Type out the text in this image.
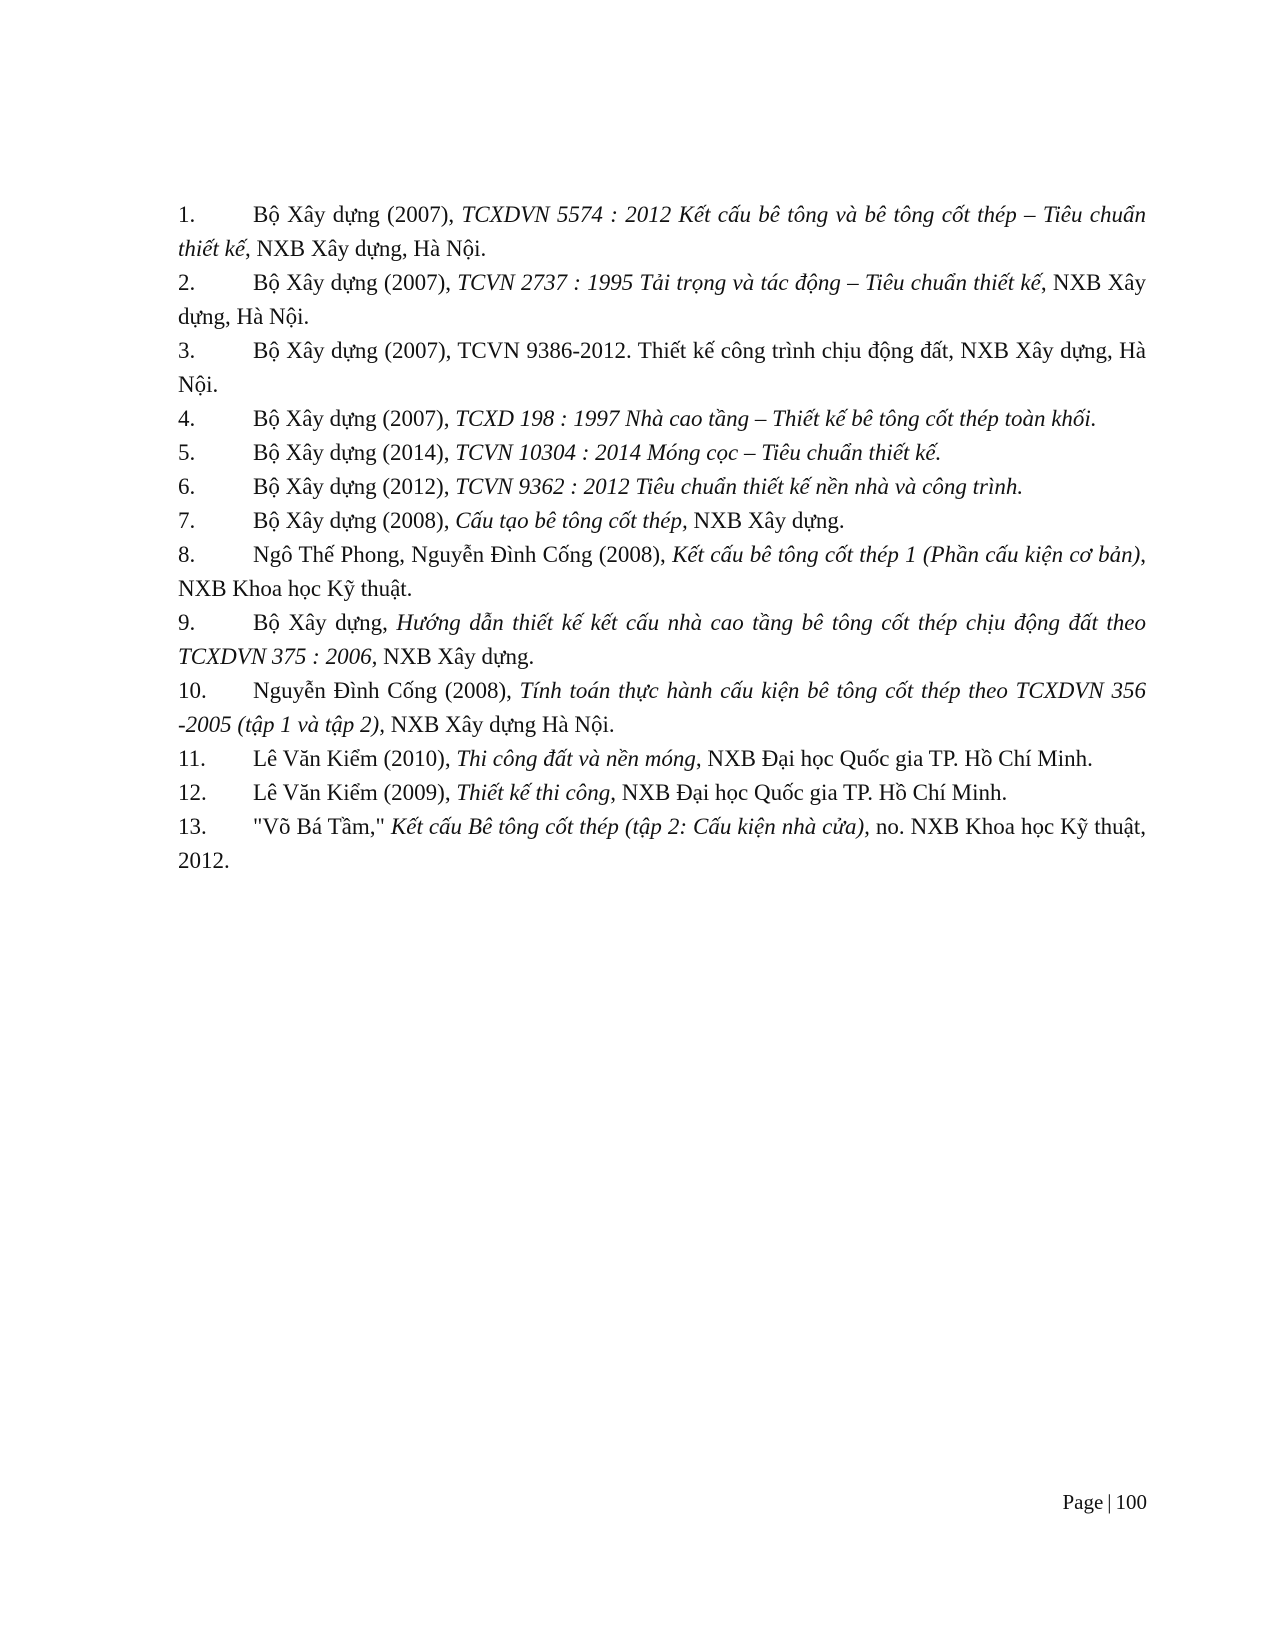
1.	Bộ Xây dựng (2007), TCXDVN 5574 : 2012 Kết cấu bê tông và bê tông cốt thép – Tiêu chuẩn thiết kế, NXB Xây dựng, Hà Nội.
2.	Bộ Xây dựng (2007), TCVN 2737 : 1995 Tải trọng và tác động – Tiêu chuẩn thiết kế, NXB Xây dựng, Hà Nội.
3.	Bộ Xây dựng (2007), TCVN 9386-2012. Thiết kế công trình chịu động đất, NXB Xây dựng, Hà Nội.
4.	Bộ Xây dựng (2007), TCXD 198 : 1997 Nhà cao tầng – Thiết kế bê tông cốt thép toàn khối.
5.	Bộ Xây dựng (2014), TCVN 10304 : 2014 Móng cọc – Tiêu chuẩn thiết kế.
6.	Bộ Xây dựng (2012), TCVN 9362 : 2012 Tiêu chuẩn thiết kế nền nhà và công trình.
7.	Bộ Xây dựng (2008), Cấu tạo bê tông cốt thép, NXB Xây dựng.
8.	Ngô Thế Phong, Nguyễn Đình Cống (2008), Kết cấu bê tông cốt thép 1 (Phần cấu kiện cơ bản), NXB Khoa học Kỹ thuật.
9.	Bộ Xây dựng, Hướng dẫn thiết kế kết cấu nhà cao tầng bê tông cốt thép chịu động đất theo TCXDVN 375 : 2006, NXB Xây dựng.
10. Nguyễn Đình Cống (2008), Tính toán thực hành cấu kiện bê tông cốt thép theo TCXDVN 356 -2005 (tập 1 và tập 2), NXB Xây dựng Hà Nội.
11. Lê Văn Kiểm (2010), Thi công đất và nền móng, NXB Đại học Quốc gia TP. Hồ Chí Minh.
12. Lê Văn Kiểm (2009), Thiết kế thi công, NXB Đại học Quốc gia TP. Hồ Chí Minh.
13. "Võ Bá Tầm," Kết cấu Bê tông cốt thép (tập 2: Cấu kiện nhà cửa), no. NXB Khoa học Kỹ thuật, 2012.
Page | 100
